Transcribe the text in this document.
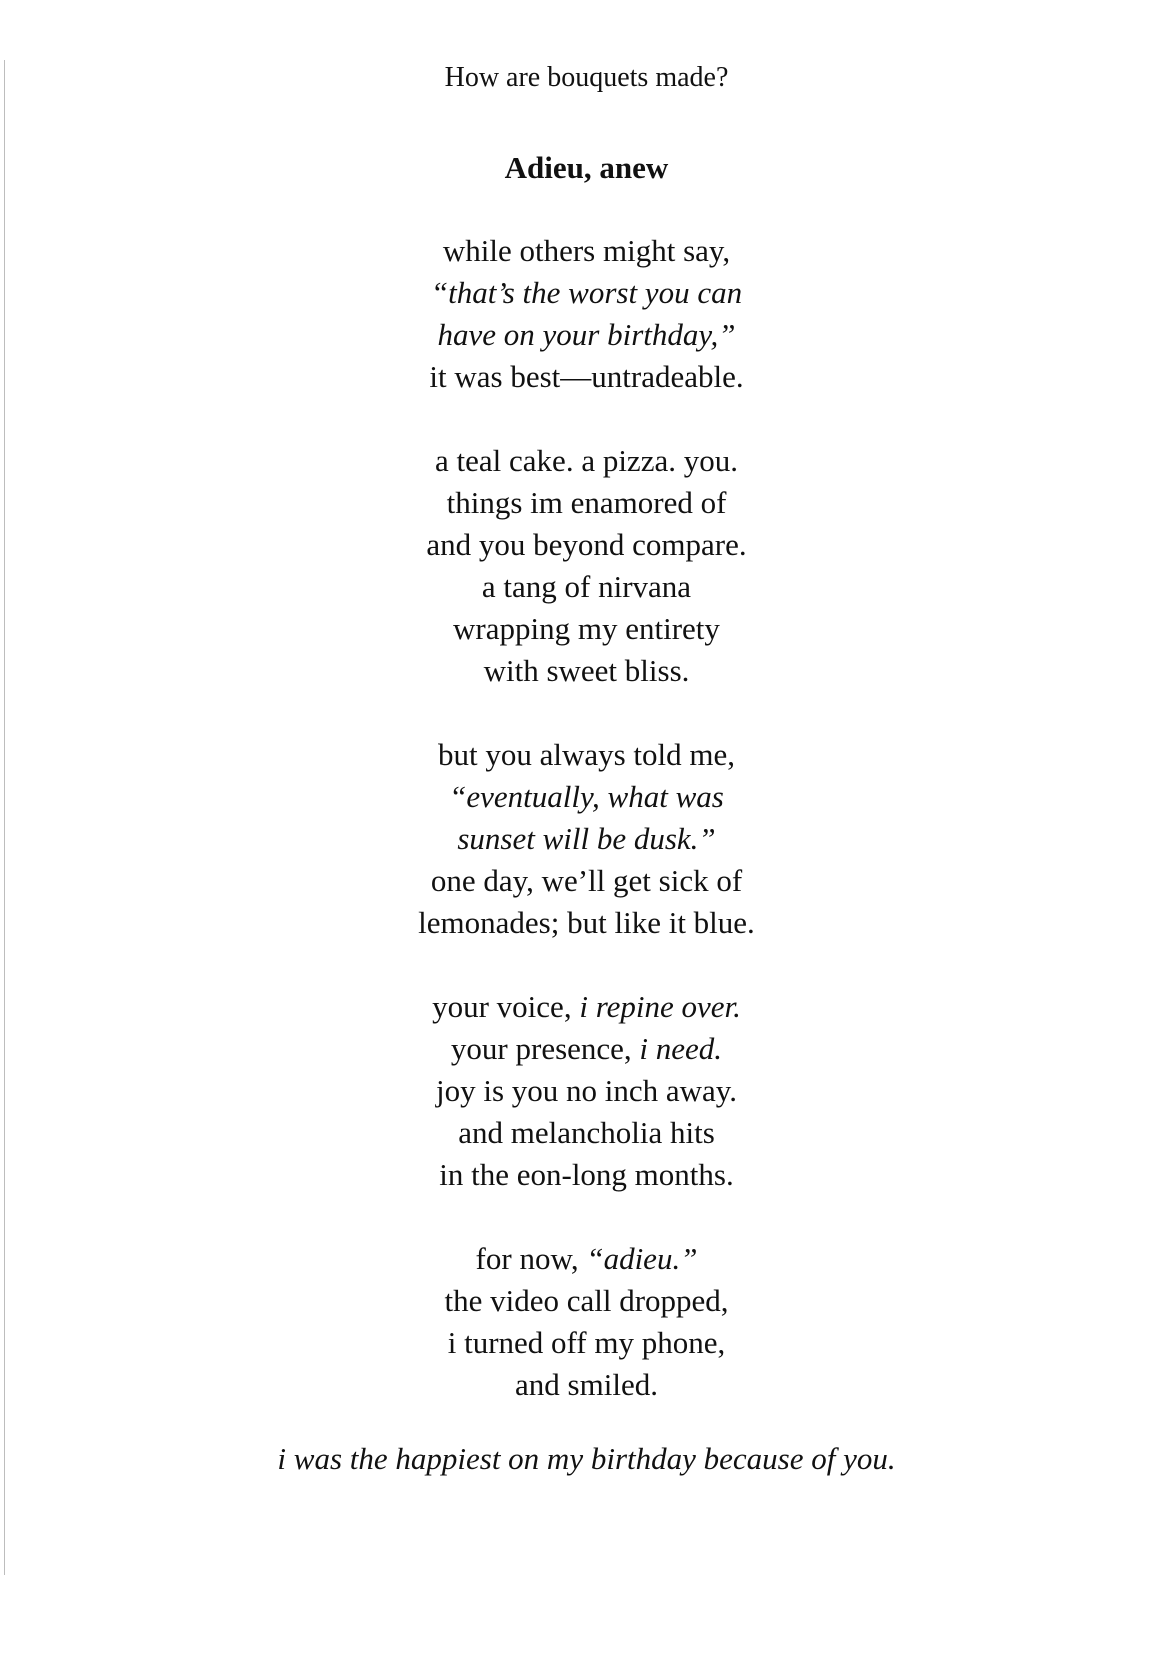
How are bouquets made?
Adieu, anew
while others might say,
“that’s the worst you can
have on your birthday,”
it was best—untradeable.
a teal cake. a pizza. you.
things im enamored of
and you beyond compare.
a tang of nirvana
wrapping my entirety
with sweet bliss.
but you always told me,
“eventually, what was
sunset will be dusk.”
one day, we’ll get sick of
lemonades; but like it blue.
your voice, i repine over.
your presence, i need.
joy is you no inch away.
and melancholia hits
in the eon-long months.
for now, “adieu.”
the video call dropped,
i turned off my phone,
and smiled.
i was the happiest on my birthday because of you.
